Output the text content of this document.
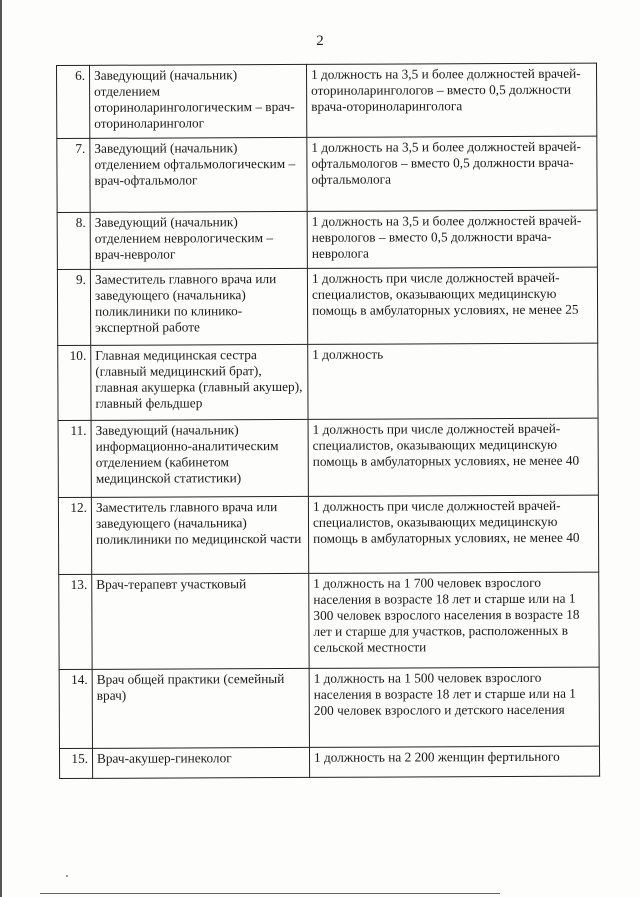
2
6.	Заведующий (начальник) отделением оториноларингологическим – врач-оториноларинголог	1 должность на 3,5 и более должностей врачей-оториноларингологов – вместо 0,5 должности врача-оториноларинголога
7.	Заведующий (начальник) отделением офтальмологическим – врач-офтальмолог	1 должность на 3,5 и более должностей врачей-офтальмологов – вместо 0,5 должности врача-офтальмолога
8.	Заведующий (начальник) отделением неврологическим – врач-невролог	1 должность на 3,5 и более должностей врачей-неврологов – вместо 0,5 должности врача-невролога
9.	Заместитель главного врача или заведующего (начальника) поликлиники по клинико-экспертной работе	1 должность при числе должностей врачей-специалистов, оказывающих медицинскую помощь в амбулаторных условиях, не менее 25
10.	Главная медицинская сестра (главный медицинский брат), главная акушерка (главный акушер), главный фельдшер	1 должность
11.	Заведующий (начальник) информационно-аналитическим отделением (кабинетом медицинской статистики)	1 должность при числе должностей врачей-специалистов, оказывающих медицинскую помощь в амбулаторных условиях, не менее 40
12.	Заместитель главного врача или заведующего (начальника) поликлиники по медицинской части	1 должность при числе должностей врачей-специалистов, оказывающих медицинскую помощь в амбулаторных условиях, не менее 40
13.	Врач-терапевт участковый	1 должность на 1 700 человек взрослого населения в возрасте 18 лет и старше или на 1 300 человек взрослого населения в возрасте 18 лет и старше для участков, расположенных в сельской местности
14.	Врач общей практики (семейный врач)	1 должность на 1 500 человек взрослого населения в возрасте 18 лет и старше или на 1 200 человек взрослого и детского населения
15.	Врач-акушер-гинеколог	1 должность на 2 200 женщин фертильного
